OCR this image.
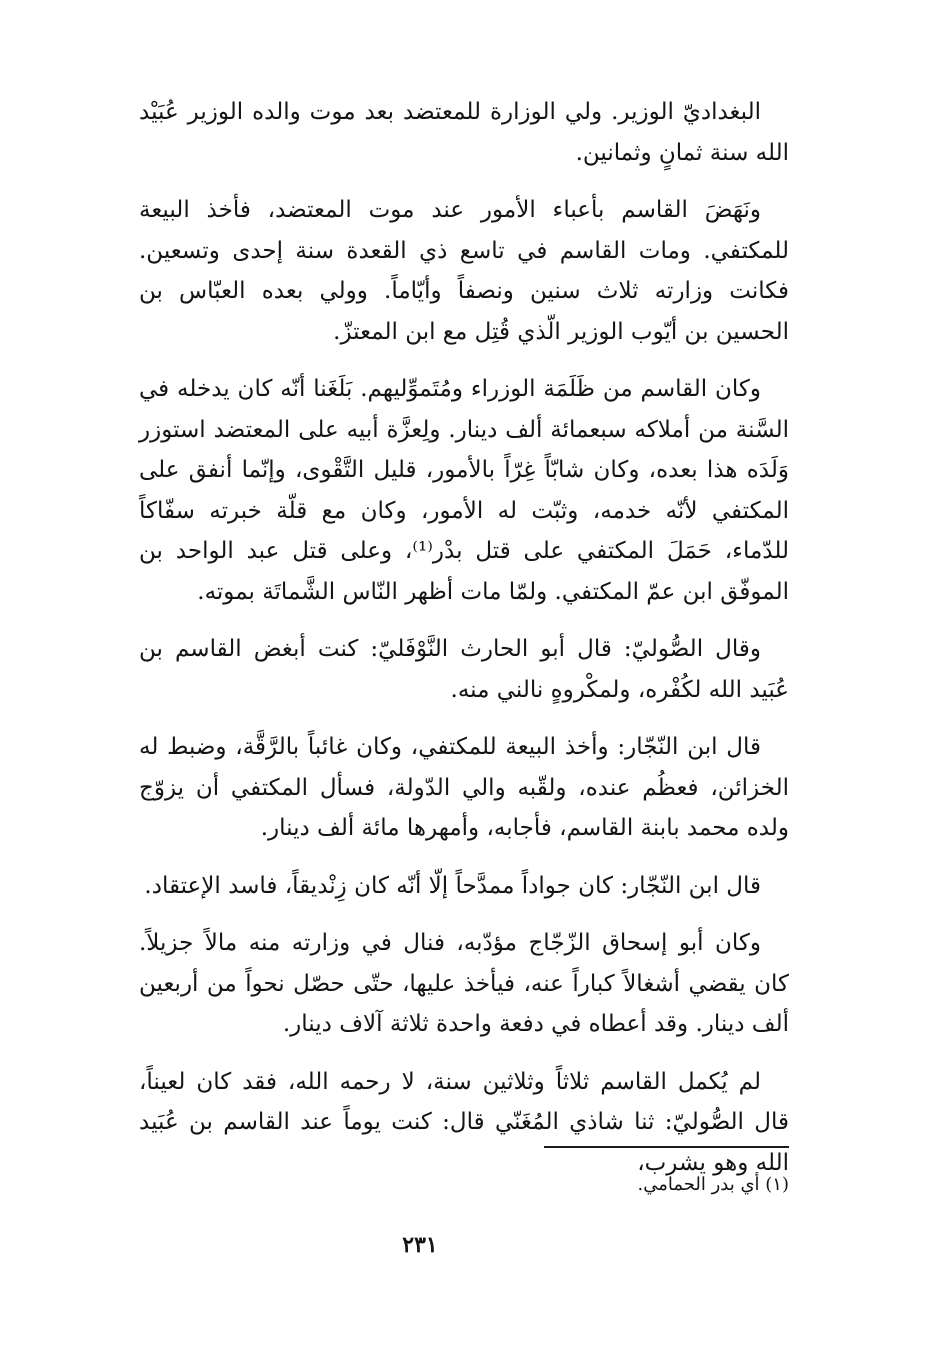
البغداديّ الوزير. ولي الوزارة للمعتضد بعد موت والده الوزير عُبَيْد الله سنة ثمانٍ وثمانين.

ونَهَضَ القاسم بأعباء الأمور عند موت المعتضد، فأخذ البيعة للمكتفي. ومات القاسم في تاسع ذي القعدة سنة إحدى وتسعين. فكانت وزارته ثلاث سنين ونصفاً وأيّاماً. وولي بعده العبّاس بن الحسين بن أيّوب الوزير الّذي قُتِل مع ابن المعتزّ.

وكان القاسم من ظَلَمَة الوزراء ومُتَموِّليهم. بَلَغَنا أنّه كان يدخله في السَّنة من أملاكه سبعمائة ألف دينار. ولِعزَّة أبيه على المعتضد استوزر وَلَدَه هذا بعده، وكان شابّاً غِرّاً بالأمور، قليل التَّقْوى، وإنّما أنفق على المكتفي لأنّه خدمه، وثبّت له الأمور، وكان مع قلّة خبرته سفّاكاً للدّماء، حَمَلَ المكتفي على قتل بدْر⁽¹⁾، وعلى قتل عبد الواحد بن الموفّق ابن عمّ المكتفي. ولمّا مات أظهر النّاس الشَّماتَة بموته.

وقال الصُّوليّ: قال أبو الحارث النَّوْفَليّ: كنت أبغض القاسم بن عُبَيد الله لكُفْره، ولمكْروهٍ نالني منه.

قال ابن النّجّار: وأخذ البيعة للمكتفي، وكان غائباً بالرَّقَّة، وضبط له الخزائن، فعظُم عنده، ولقّبه والي الدّولة، فسأل المكتفي أن يزوّج ولده محمد بابنة القاسم، فأجابه، وأمهرها مائة ألف دينار.

قال ابن النّجّار: كان جواداً ممدَّحاً إلّا أنّه كان زِنْديقاً، فاسد الإعتقاد.

وكان أبو إسحاق الزّجّاج مؤدّبه، فنال في وزارته منه مالاً جزيلاً. كان يقضي أشغالاً كباراً عنه، فيأخذ عليها، حتّى حصّل نحواً من أربعين ألف دينار. وقد أعطاه في دفعة واحدة ثلاثة آلاف دينار.

لم يُكمل القاسم ثلاثاً وثلاثين سنة، لا رحمه الله، فقد كان لعيناً، قال الصُّوليّ: ثنا شاذي المُغَنّي قال: كنت يوماً عند القاسم بن عُبَيد الله وهو يشرب،

(١) أي بدر الحمامي.
٢٣١
